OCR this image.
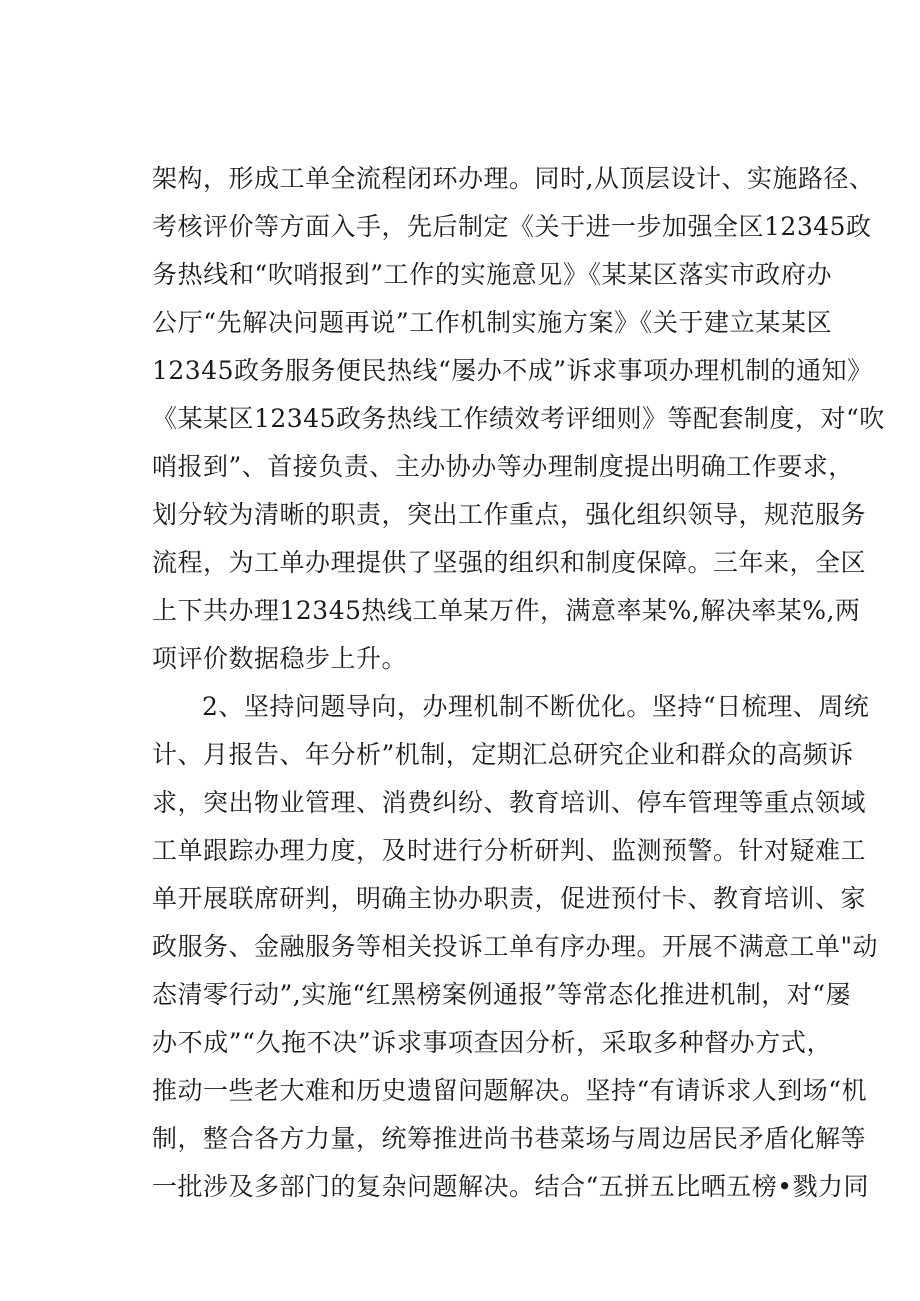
架构，形成工单全流程闭环办理。同时,从顶层设计、实施路径、
考核评价等方面入手，先后制定《关于进一步加强全区12345政
务热线和“吹哨报到”工作的实施意见》《某某区落实市政府办
公厅“先解决问题再说”工作机制实施方案》《关于建立某某区
12345政务服务便民热线“屡办不成”诉求事项办理机制的通知》
《某某区12345政务热线工作绩效考评细则》等配套制度，对“吹
哨报到”、首接负责、主办协办等办理制度提出明确工作要求，
划分较为清晰的职责，突出工作重点，强化组织领导，规范服务
流程，为工单办理提供了坚强的组织和制度保障。三年来，全区
上下共办理12345热线工单某万件，满意率某%,解决率某%,两
项评价数据稳步上升。
2、坚持问题导向，办理机制不断优化。坚持“日梳理、周统
计、月报告、年分析”机制，定期汇总研究企业和群众的高频诉
求，突出物业管理、消费纠纷、教育培训、停车管理等重点领域
工单跟踪办理力度，及时进行分析研判、监测预警。针对疑难工
单开展联席研判，明确主协办职责，促进预付卡、教育培训、家
政服务、金融服务等相关投诉工单有序办理。开展不满意工单"动
态清零行动”,实施“红黑榜案例通报”等常态化推进机制，对“屡
办不成”“久拖不决”诉求事项查因分析，采取多种督办方式，
推动一些老大难和历史遗留问题解决。坚持“有请诉求人到场“机
制，整合各方力量，统筹推进尚书巷菜场与周边居民矛盾化解等
一批涉及多部门的复杂问题解决。结合“五拼五比晒五榜•戮力同
